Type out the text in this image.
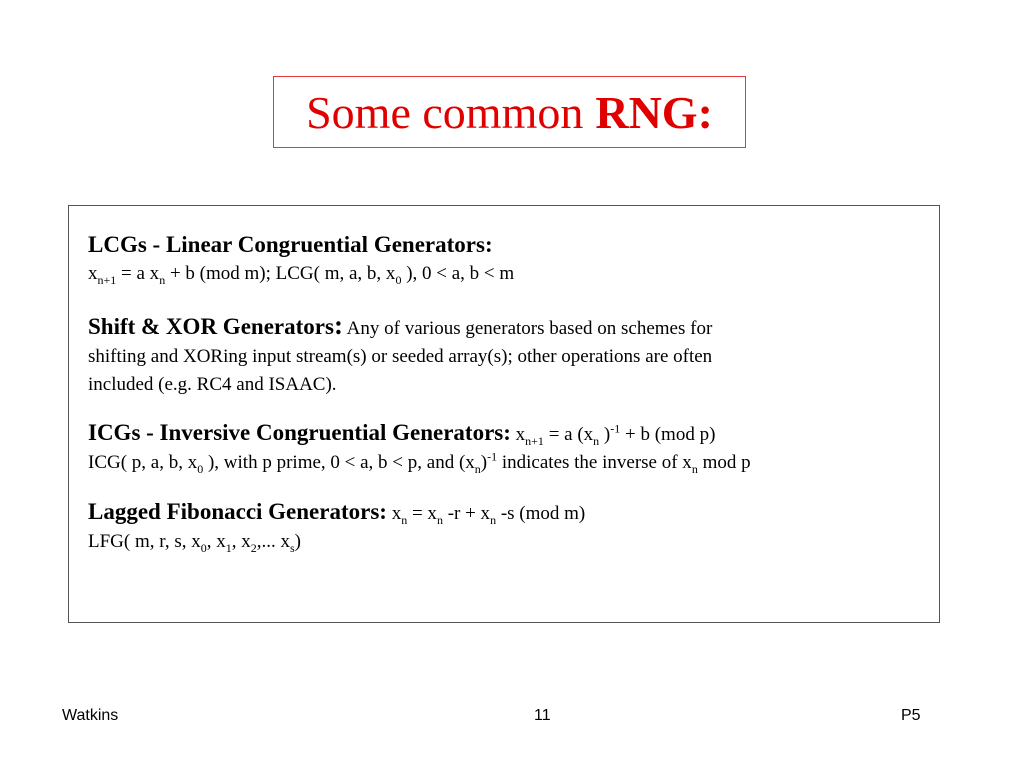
Some common RNG:
LCGs - Linear Congruential Generators:
$x_{n+1} = a$ $x_n + b$ (mod m); LCG( m, a, b, $x_0$ ), 0 < a, b < m
Shift & XOR Generators: Any of various generators based on schemes for
shifting and XORing input stream(s) or seeded array(s); other operations are often
included (e.g. RC4 and ISAAC).
ICGs - Inversive Congruential Generators: $x_{n+1} = a$ ($x_n$ )$^{-1}$ + b (mod p)
ICG( p, a, b, $x_0$ ), with p prime, 0 < a, b < p, and $(x_n)^{-1}$ indicates the inverse of $x_n$ mod p
Lagged Fibonacci Generators: $x_n = x_n$ $-r + x_n$ -s (mod m)
LFG( m, r, s, $x_0$, $x_1$, $x_2$,... $x_s$)
Watkins	11	P5
